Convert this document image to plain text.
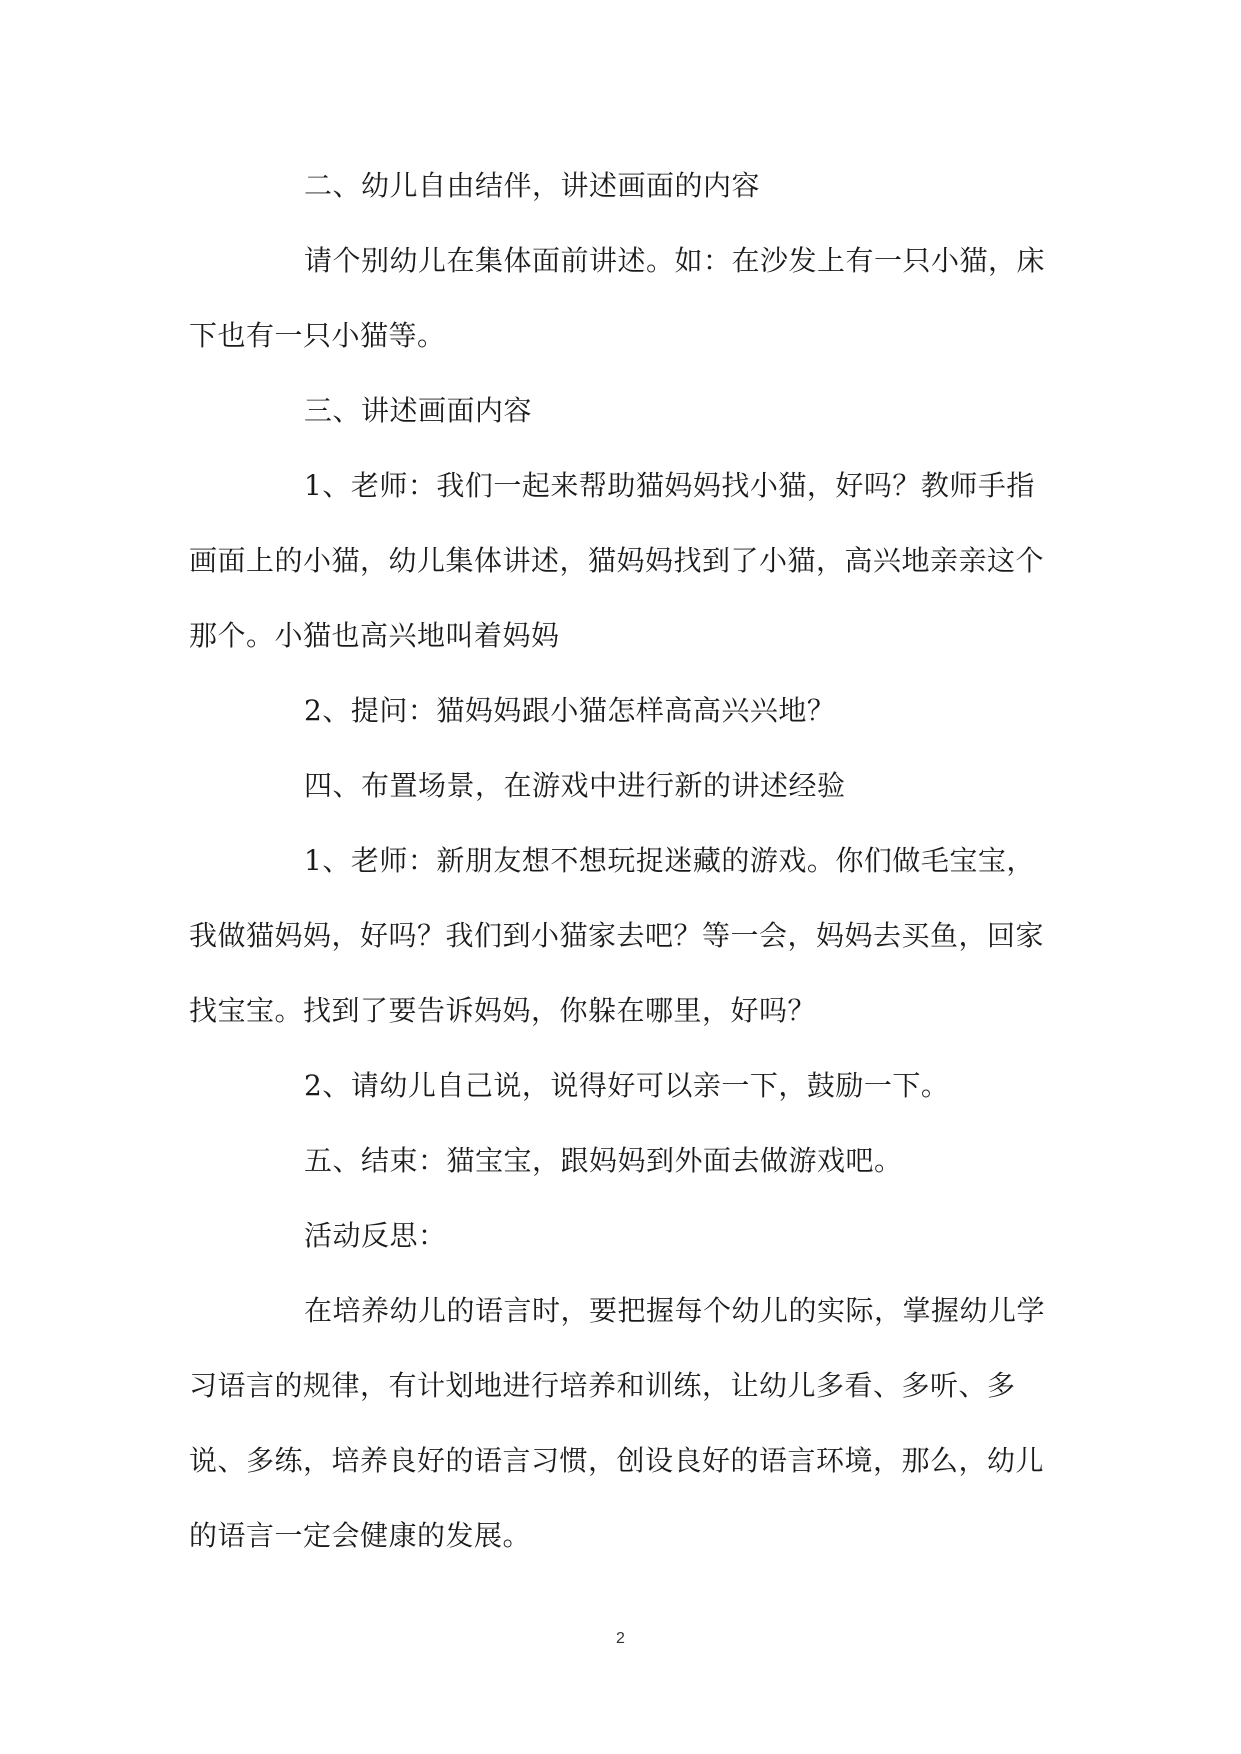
二、幼儿自由结伴，讲述画面的内容

请个别幼儿在集体面前讲述。如：在沙发上有一只小猫，床下也有一只小猫等。

三、讲述画面内容

1、老师：我们一起来帮助猫妈妈找小猫，好吗？教师手指画面上的小猫，幼儿集体讲述，猫妈妈找到了小猫，高兴地亲亲这个那个。小猫也高兴地叫着妈妈

2、提问：猫妈妈跟小猫怎样高高兴兴地？

四、布置场景，在游戏中进行新的讲述经验

1、老师：新朋友想不想玩捉迷藏的游戏。你们做毛宝宝，我做猫妈妈，好吗？我们到小猫家去吧？等一会，妈妈去买鱼，回家找宝宝。找到了要告诉妈妈，你躲在哪里，好吗？

2、请幼儿自己说，说得好可以亲一下，鼓励一下。

五、结束：猫宝宝，跟妈妈到外面去做游戏吧。

活动反思：

在培养幼儿的语言时，要把握每个幼儿的实际，掌握幼儿学习语言的规律，有计划地进行培养和训练，让幼儿多看、多听、多说、多练，培养良好的语言习惯，创设良好的语言环境，那么，幼儿的语言一定会健康的发展。

2
